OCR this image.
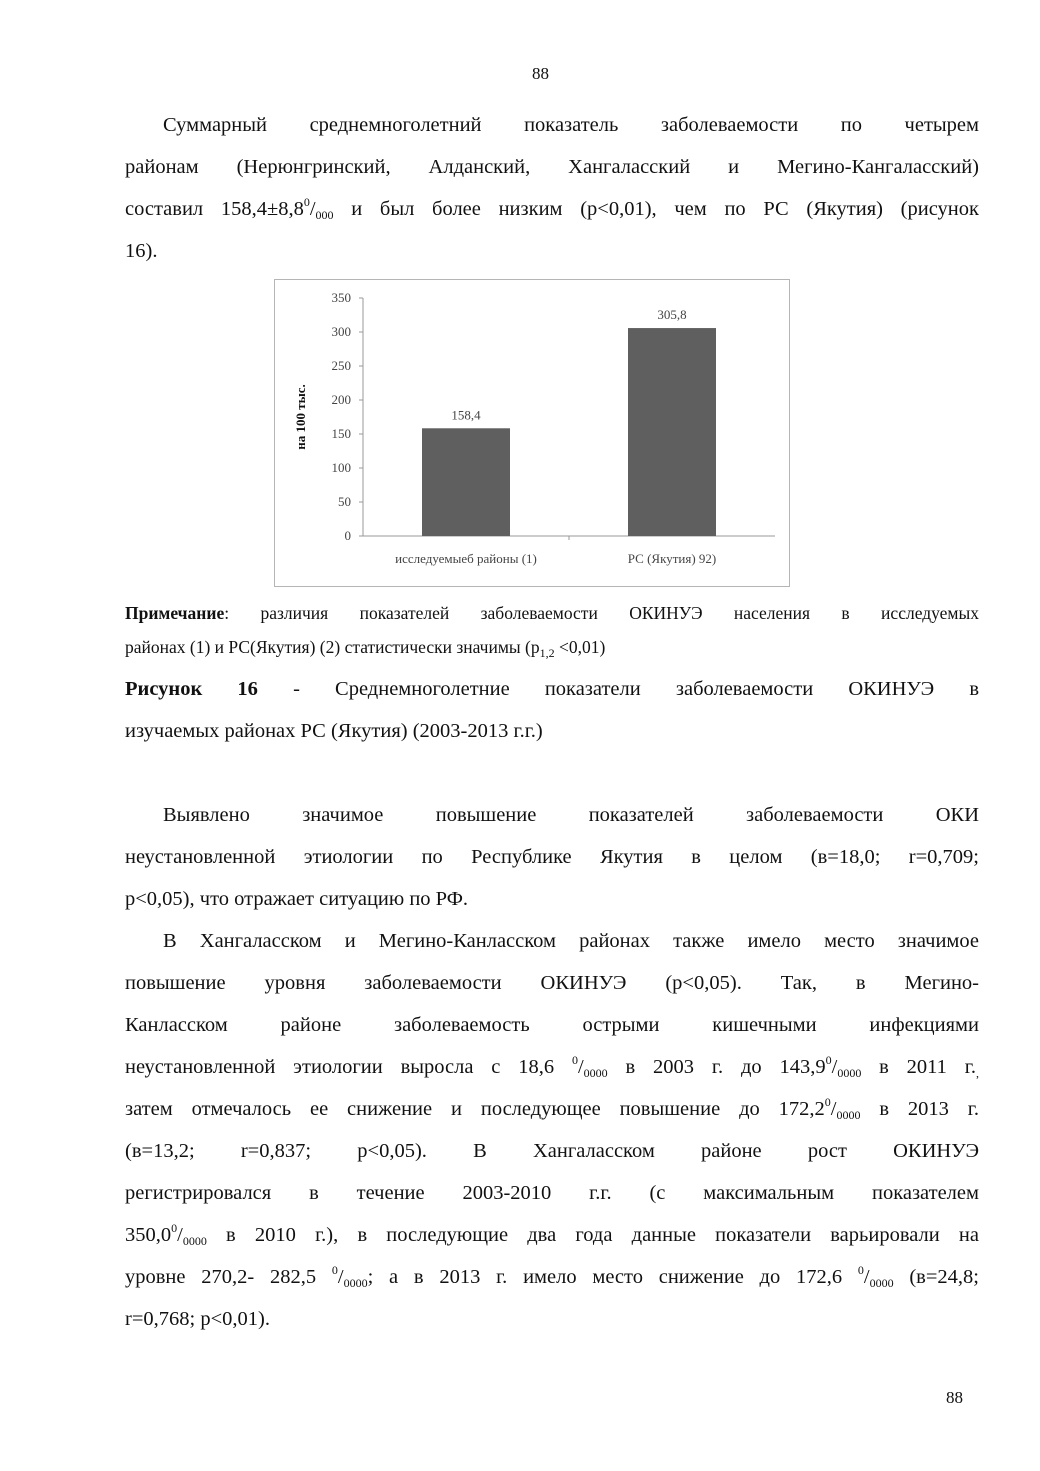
88
Суммарный среднемноголетний показатель заболеваемости по четырем
районам (Нерюнгринский, Алданский, Хангаласский и Мегино-Кангаласский)
составил $158,4\pm 8,8^0/_{000}$ и был более низким (р<0,01), чем по РС (Якутия) (рисунок
16).
0
50
100
150
200
250
300
350
на 100 тыс.	158,4
исследуемыеб районы (1)
305,8
РС (Якутия) 92)
Примечание: различия показателей заболеваемости ОКИНУЭ населения в исследуемых
районах (1) и РС(Якутия) (2) статистически значимы $(р_{1,2} <0,01)$
Рисунок 16 - Среднемноголетние показатели заболеваемости ОКИНУЭ в
изучаемых районах РС (Якутия) (2003-2013 г.г.)
Выявлено значимое повышение показателей заболеваемости ОКИ
неустановленной этиологии по Республике Якутия в целом (в=18,0; r=0,709;
р<0,05), что отражает ситуацию по РФ.
В Хангаласском и Мегино-Канласском районах также имело место значимое
повышение уровня заболеваемости ОКИНУЭ (р<0,05). Так, в Мегино-
Канласском районе заболеваемость острыми кишечными инфекциями
неустановленной этиологии выросла с 18,6 $^0/_{0000}$ в 2003 г. до $143,9^0/_{0000}$ в 2011 $г._,$
затем отмечалось ее снижение и последующее повышение до $172,2^0/_{0000}$ в 2013 г.
(в=13,2; r=0,837; р<0,05). В Хангаласском районе рост ОКИНУЭ
регистрировался в течение 2003-2010 г.г. (с максимальным показателем
$350,0^0/_{0000}$ в 2010 г.), в последующие два года данные показатели варьировали на
уровне 270,2- 282,5 $^0/_{0000}$; а в 2013 г. имело место снижение до 172,6 $^0/_{0000}$ (в=24,8;
r=0,768; р<0,01).
88
